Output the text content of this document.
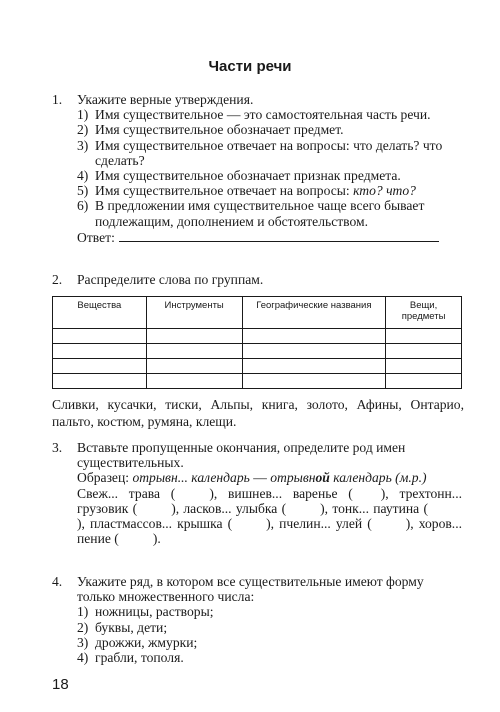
Части речи
1. Укажите верные утверждения.
1) Имя существительное — это самостоятельная часть речи.
2) Имя существительное обозначает предмет.
3) Имя существительное отвечает на вопросы: что делать? что сделать?
4) Имя существительное обозначает признак предмета.
5) Имя существительное отвечает на вопросы: кто? что?
6) В предложении имя существительное чаще всего бывает подлежащим, дополнением и обстоятельством.
Ответ:
2. Распределите слова по группам.
Вещества	Инструменты	Географические названия	Вещи, предметы

Сливки, кусачки, тиски, Альпы, книга, золото, Афины, Онтарио, пальто, костюм, румяна, клещи.
3. Вставьте пропущенные окончания, определите род имен существительных.
Образец: отрывн... календарь — отрывной календарь (м.р.)
Свеж... трава (	), вишнев... варенье ( ), трехтонн... грузовик (	), ласков... улыбка (	), тонк... паутина (), пластмассов... крышка (	), пчелин... улей (	), хоров... пение (	).
4. Укажите ряд, в котором все существительные имеют форму только множественного числа:
1) ножницы, растворы;
2) буквы, дети;
3) дрожжи, жмурки;
4) грабли, тополя.
18
